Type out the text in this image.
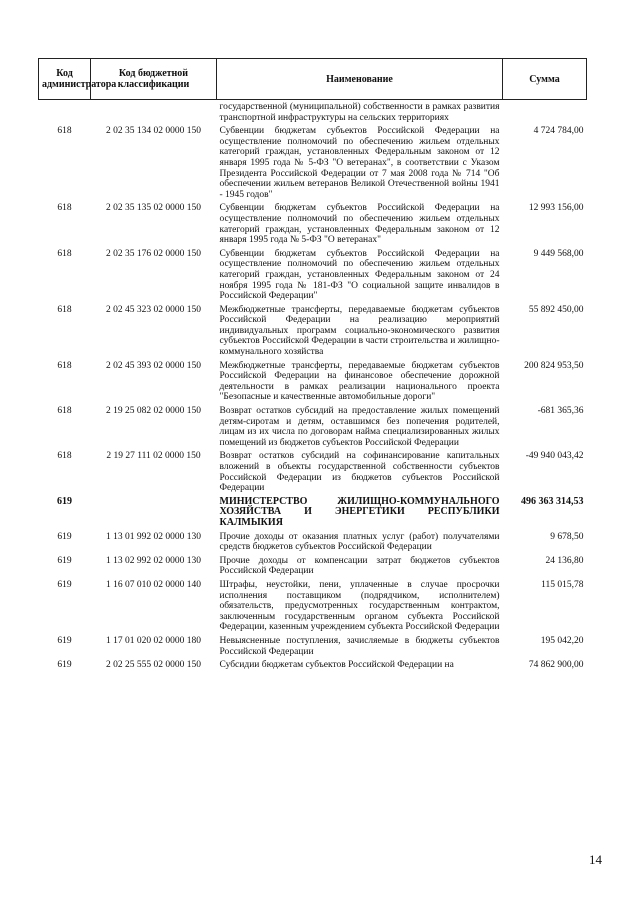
Код администратора	Код бюджетной классификации	Наименование	Сумма
		государственной (муниципальной) собственности в рамках развития транспортной инфраструктуры на сельских территориях	
618	2 02 35 134 02 0000 150	Субвенции бюджетам субъектов Российской Федерации на осуществление полномочий по обеспечению жильем отдельных категорий граждан, установленных Федеральным законом от 12 января 1995 года № 5-ФЗ "О ветеранах", в соответствии с Указом Президента Российской Федерации от 7 мая 2008 года № 714 "Об обеспечении жильем ветеранов Великой Отечественной войны 1941 - 1945 годов"	4 724 784,00
618	2 02 35 135 02 0000 150	Субвенции бюджетам субъектов Российской Федерации на осуществление полномочий по обеспечению жильем отдельных категорий граждан, установленных Федеральным законом от 12 января 1995 года № 5-ФЗ "О ветеранах"	12 993 156,00
618	2 02 35 176 02 0000 150	Субвенции бюджетам субъектов Российской Федерации на осуществление полномочий по обеспечению жильем отдельных категорий граждан, установленных Федеральным законом от 24 ноября 1995 года № 181-ФЗ "О социальной защите инвалидов в Российской Федерации"	9 449 568,00
618	2 02 45 323 02 0000 150	Межбюджетные трансферты, передаваемые бюджетам субъектов Российской Федерации на реализацию мероприятий индивидуальных программ социально-экономического развития субъектов Российской Федерации в части строительства и жилищно-коммунального хозяйства	55 892 450,00
618	2 02 45 393 02 0000 150	Межбюджетные трансферты, передаваемые бюджетам субъектов Российской Федерации на финансовое обеспечение дорожной деятельности в рамках реализации национального проекта "Безопасные и качественные автомобильные дороги"	200 824 953,50
618	2 19 25 082 02 0000 150	Возврат остатков субсидий на предоставление жилых помещений детям-сиротам и детям, оставшимся без попечения родителей, лицам из их числа по договорам найма специализированных жилых помещений из бюджетов субъектов Российской Федерации	-681 365,36
618	2 19 27 111 02 0000 150	Возврат остатков субсидий на софинансирование капитальных вложений в объекты государственной собственности субъектов Российской Федерации из бюджетов субъектов Российской Федерации	-49 940 043,42
619		МИНИСТЕРСТВО ЖИЛИЩНО-КОММУНАЛЬНОГО ХОЗЯЙСТВА И ЭНЕРГЕТИКИ РЕСПУБЛИКИ КАЛМЫКИЯ	496 363 314,53
619	1 13 01 992 02 0000 130	Прочие доходы от оказания платных услуг (работ) получателями средств бюджетов субъектов Российской Федерации	9 678,50
619	1 13 02 992 02 0000 130	Прочие доходы от компенсации затрат бюджетов субъектов Российской Федерации	24 136,80
619	1 16 07 010 02 0000 140	Штрафы, неустойки, пени, уплаченные в случае просрочки исполнения поставщиком (подрядчиком, исполнителем) обязательств, предусмотренных государственным контрактом, заключенным государственным органом субъекта Российской Федерации, казенным учреждением субъекта Российской Федерации	115 015,78
619	1 17 01 020 02 0000 180	Невыясненные поступления, зачисляемые в бюджеты субъектов Российской Федерации	195 042,20
619	2 02 25 555 02 0000 150	Субсидии бюджетам субъектов Российской Федерации на	74 862 900,00
14
